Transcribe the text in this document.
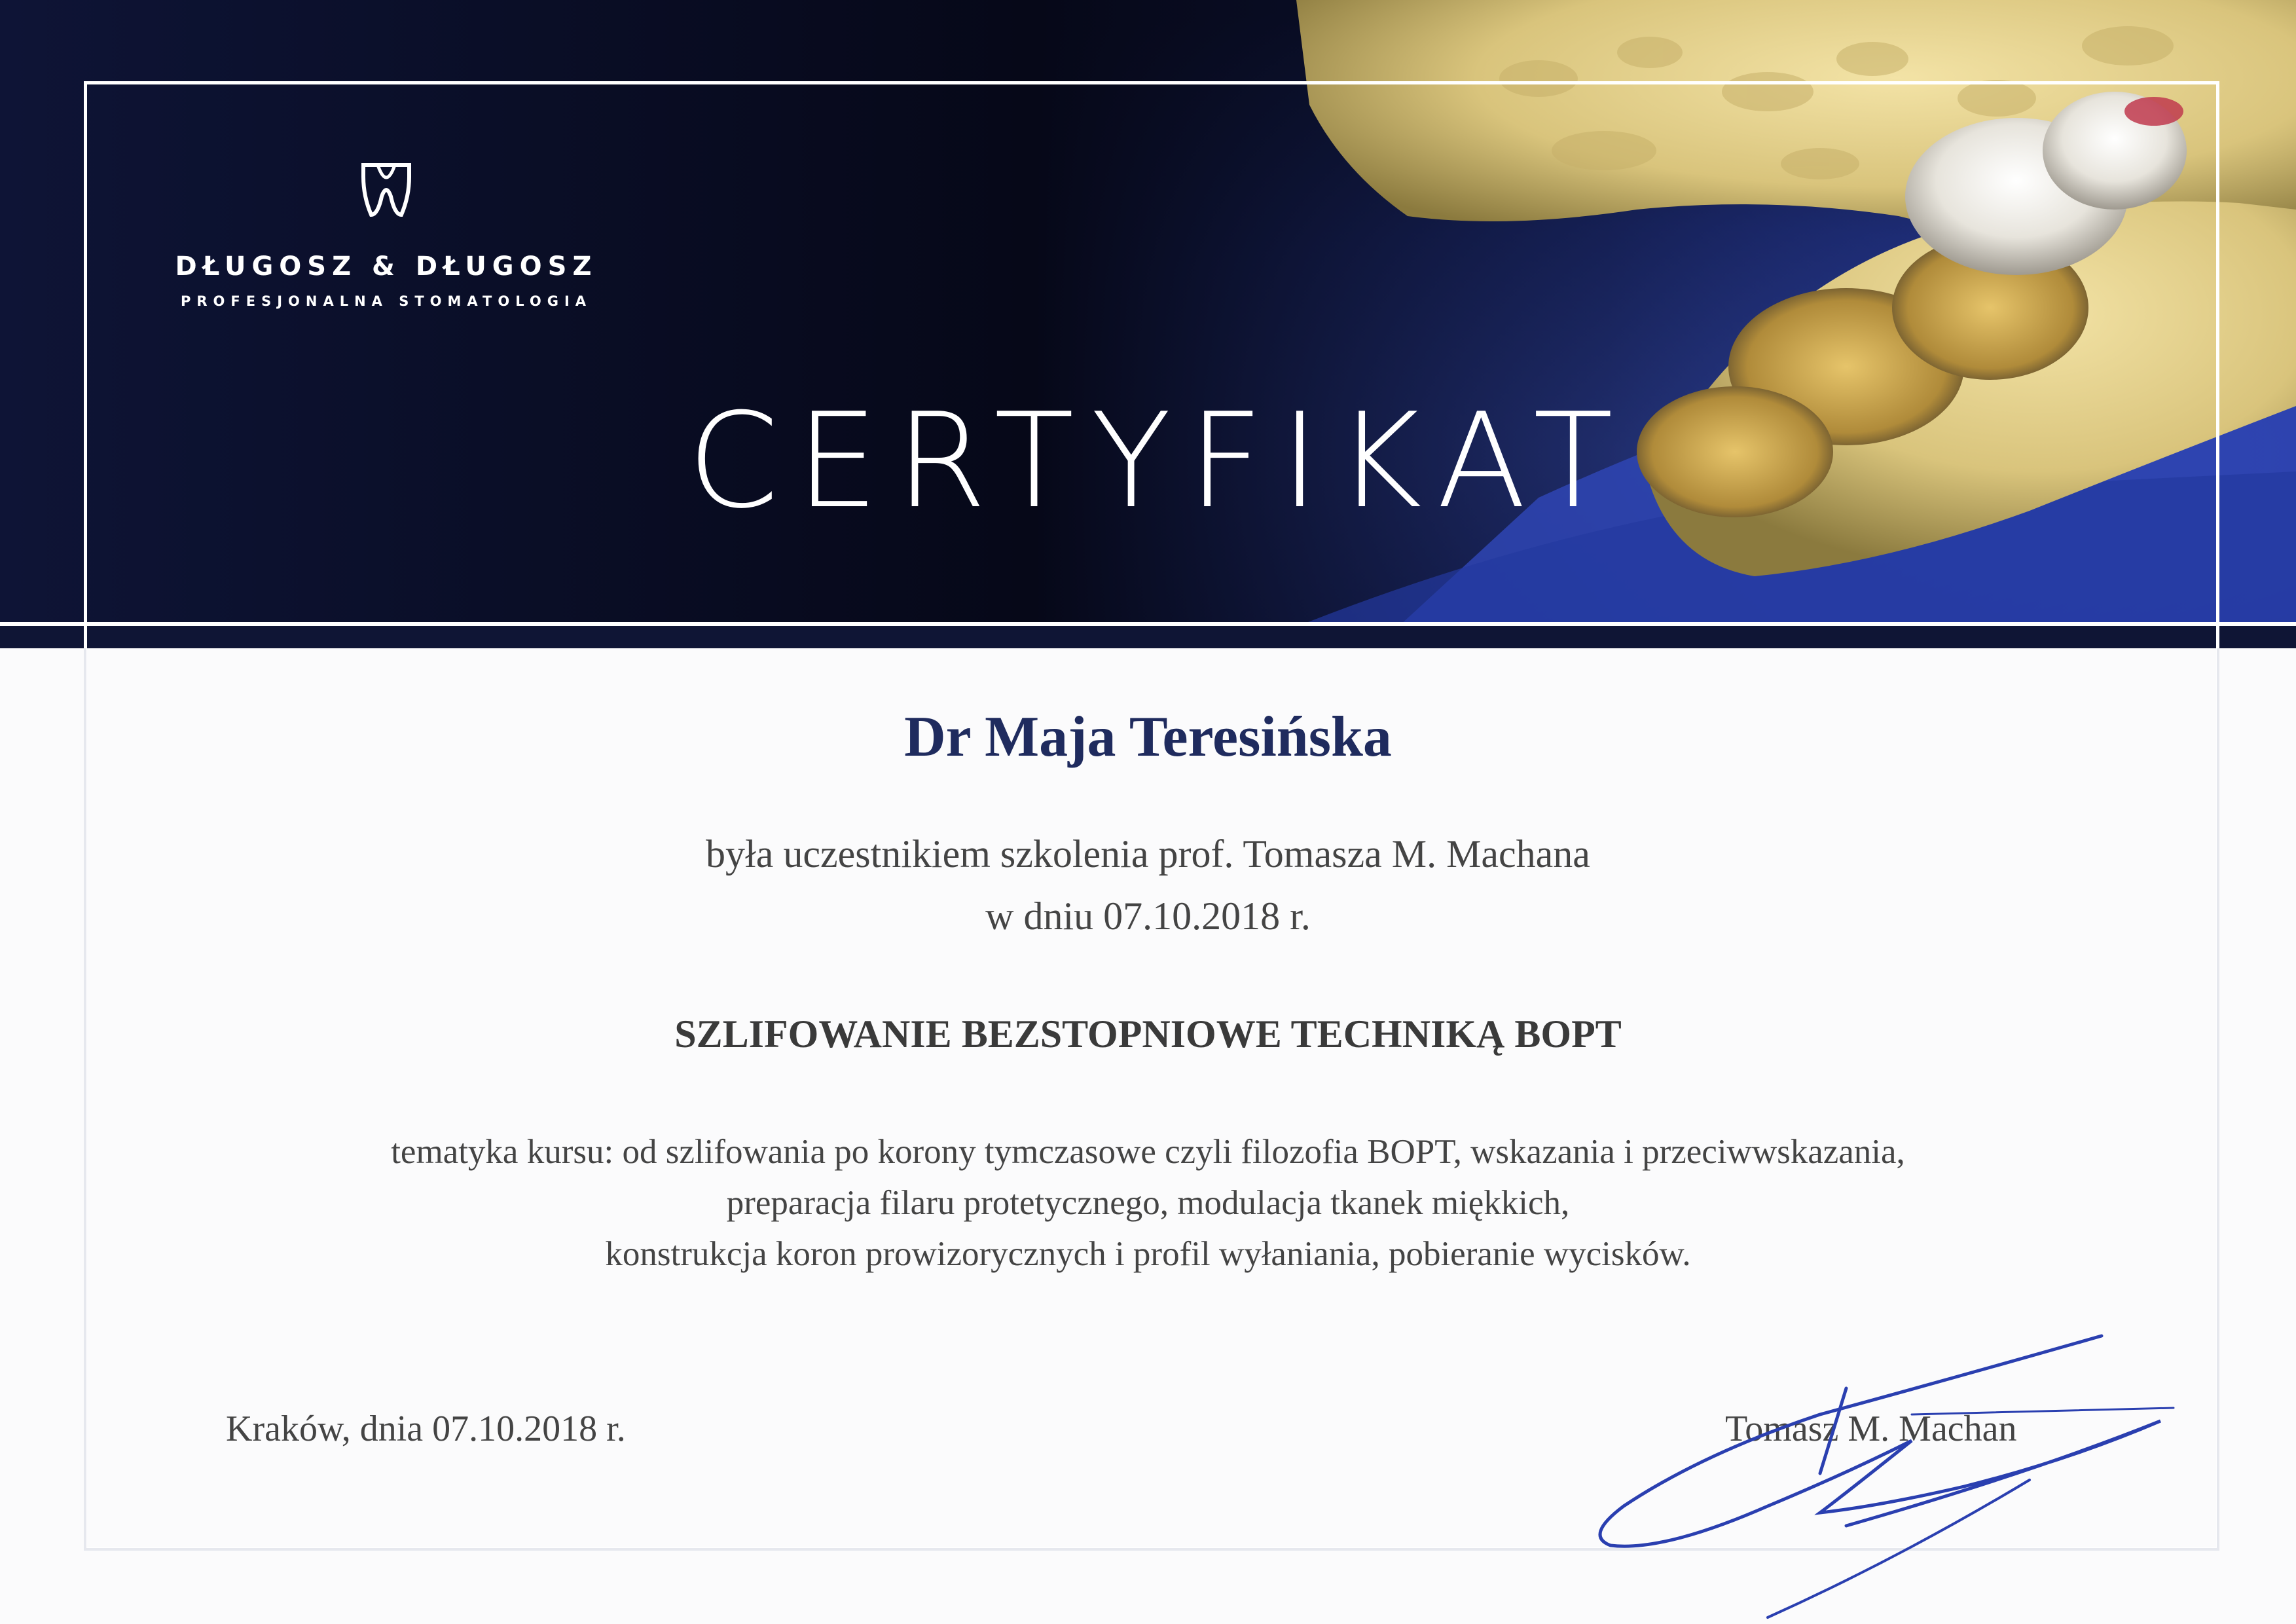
DŁUGOSZ & DŁUGOSZ
PROFESJONALNA STOMATOLOGIA
CERTYFIKAT
Dr Maja Teresińska
była uczestnikiem szkolenia prof. Tomasza M. Machana
w dniu 07.10.2018 r.
SZLIFOWANIE BEZSTOPNIOWE TECHNIKĄ BOPT
tematyka kursu: od szlifowania po korony tymczasowe czyli filozofia BOPT, wskazania i przeciwwskazania,
preparacja filaru protetycznego, modulacja tkanek miękkich,
konstrukcja koron prowizorycznych i profil wyłaniania, pobieranie wycisków.
Kraków, dnia 07.10.2018 r.	Tomasz M. Machan
